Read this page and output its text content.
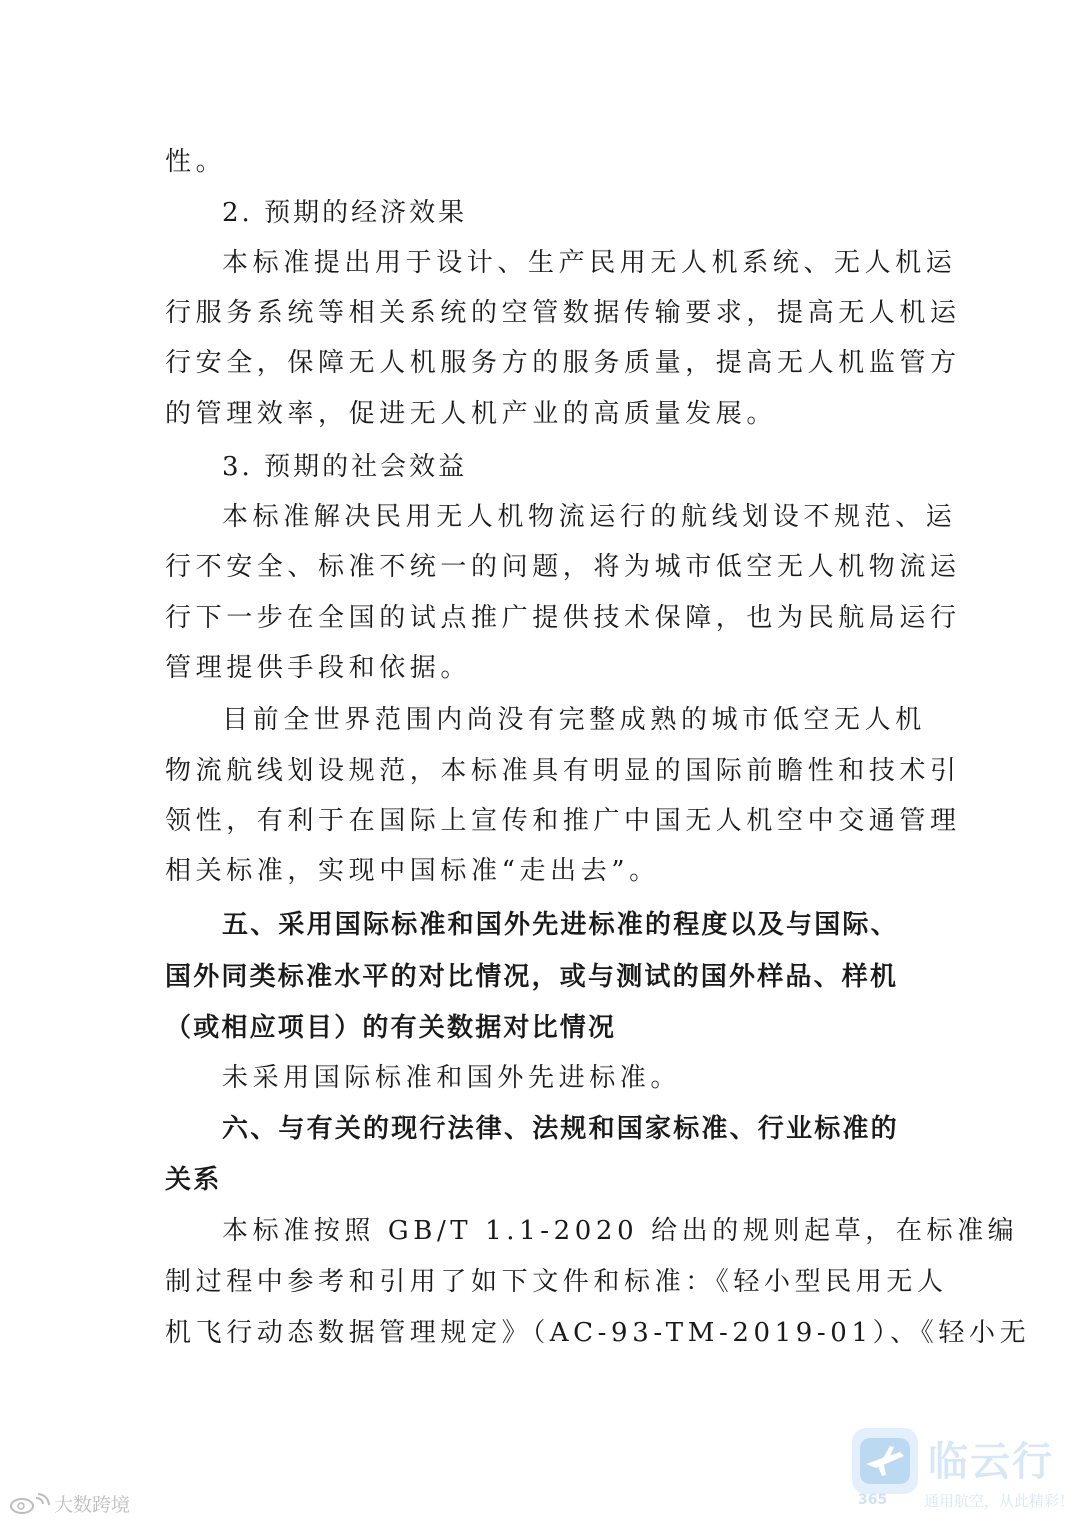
性。
2. 预期的经济效果
本标准提出用于设计、生产民用无人机系统、无人机运
行服务系统等相关系统的空管数据传输要求，提高无人机运
行安全，保障无人机服务方的服务质量，提高无人机监管方
的管理效率，促进无人机产业的高质量发展。
3. 预期的社会效益
本标准解决民用无人机物流运行的航线划设不规范、运
行不安全、标准不统一的问题，将为城市低空无人机物流运
行下一步在全国的试点推广提供技术保障，也为民航局运行
管理提供手段和依据。
目前全世界范围内尚没有完整成熟的城市低空无人机
物流航线划设规范，本标准具有明显的国际前瞻性和技术引
领性，有利于在国际上宣传和推广中国无人机空中交通管理
相关标准，实现中国标准“走出去”。
五、采用国际标准和国外先进标准的程度以及与国际、
国外同类标准水平的对比情况，或与测试的国外样品、样机
（或相应项目）的有关数据对比情况
未采用国际标准和国外先进标准。
六、与有关的现行法律、法规和国家标准、行业标准的
关系
本标准按照 GB/T 1.1-2020 给出的规则起草，在标准编
制过程中参考和引用了如下文件和标准：《轻小型民用无人
机飞行动态数据管理规定》（AC-93-TM-2019-01）、《轻小无
大数跨境
临云行
365 通用航空，从此精彩！
